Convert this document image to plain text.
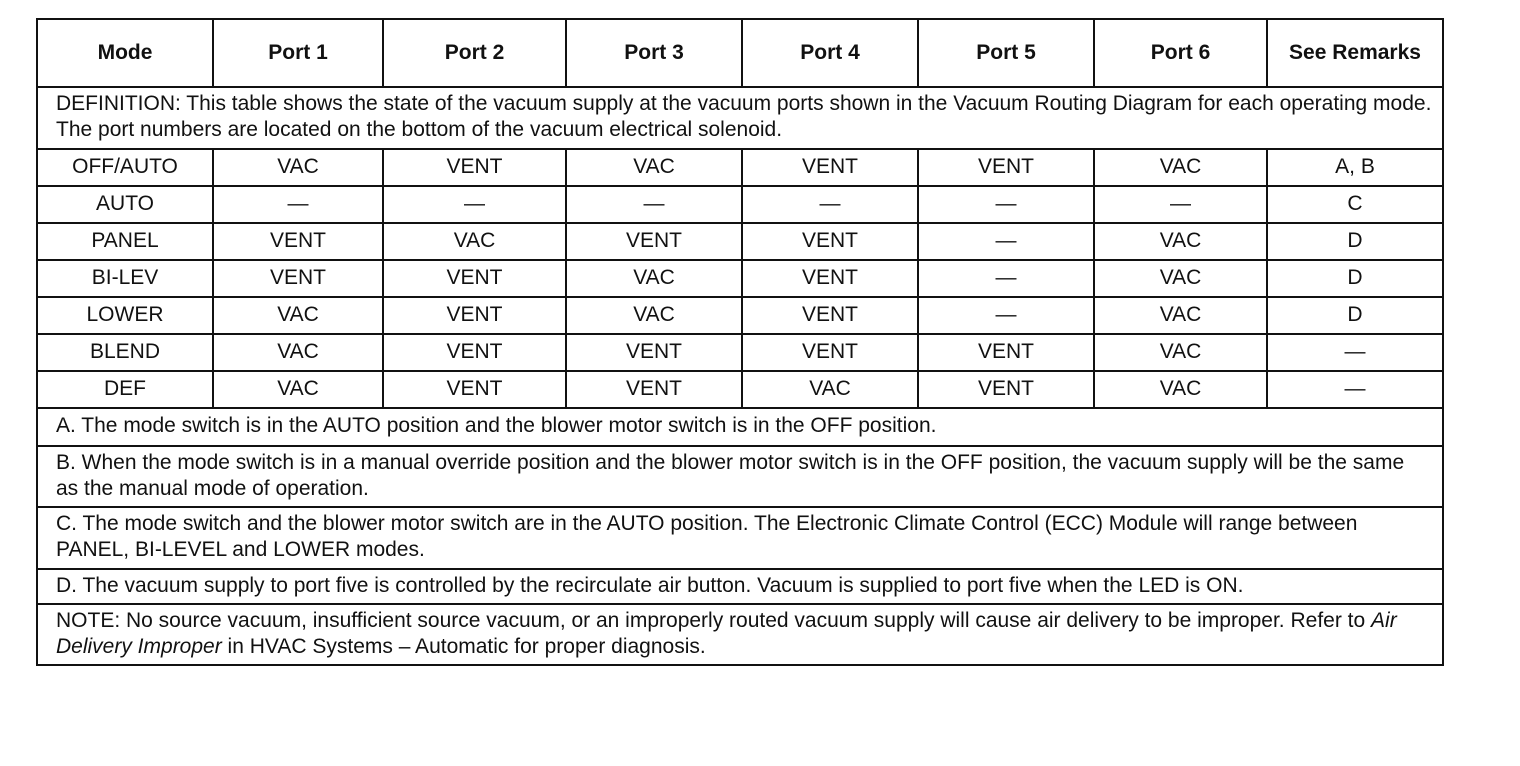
Mode	Port 1	Port 2	Port 3	Port 4	Port 5	Port 6	See Remarks
DEFINITION: This table shows the state of the vacuum supply at the vacuum ports shown in the Vacuum Routing Diagram for each operating mode. The port numbers are located on the bottom of the vacuum electrical solenoid.							
OFF/AUTO	VAC	VENT	VAC	VENT	VENT	VAC	A, B
AUTO	—	—	—	—	—	—	C
PANEL	VENT	VAC	VENT	VENT	—	VAC	D
BI-LEV	VENT	VENT	VAC	VENT	—	VAC	D
LOWER	VAC	VENT	VAC	VENT	—	VAC	D
BLEND	VAC	VENT	VENT	VENT	VENT	VAC	—
DEF	VAC	VENT	VENT	VAC	VENT	VAC	—
A. The mode switch is in the AUTO position and the blower motor switch is in the OFF position.							
B. When the mode switch is in a manual override position and the blower motor switch is in the OFF position, the vacuum supply will be the same as the manual mode of operation.							
C. The mode switch and the blower motor switch are in the AUTO position. The Electronic Climate Control (ECC) Module will range between PANEL, BI-LEVEL and LOWER modes.							
D. The vacuum supply to port five is controlled by the recirculate air button. Vacuum is supplied to port five when the LED is ON.							
NOTE: No source vacuum, insufficient source vacuum, or an improperly routed vacuum supply will cause air delivery to be improper. Refer to Air Delivery Improper in HVAC Systems – Automatic for proper diagnosis.							
